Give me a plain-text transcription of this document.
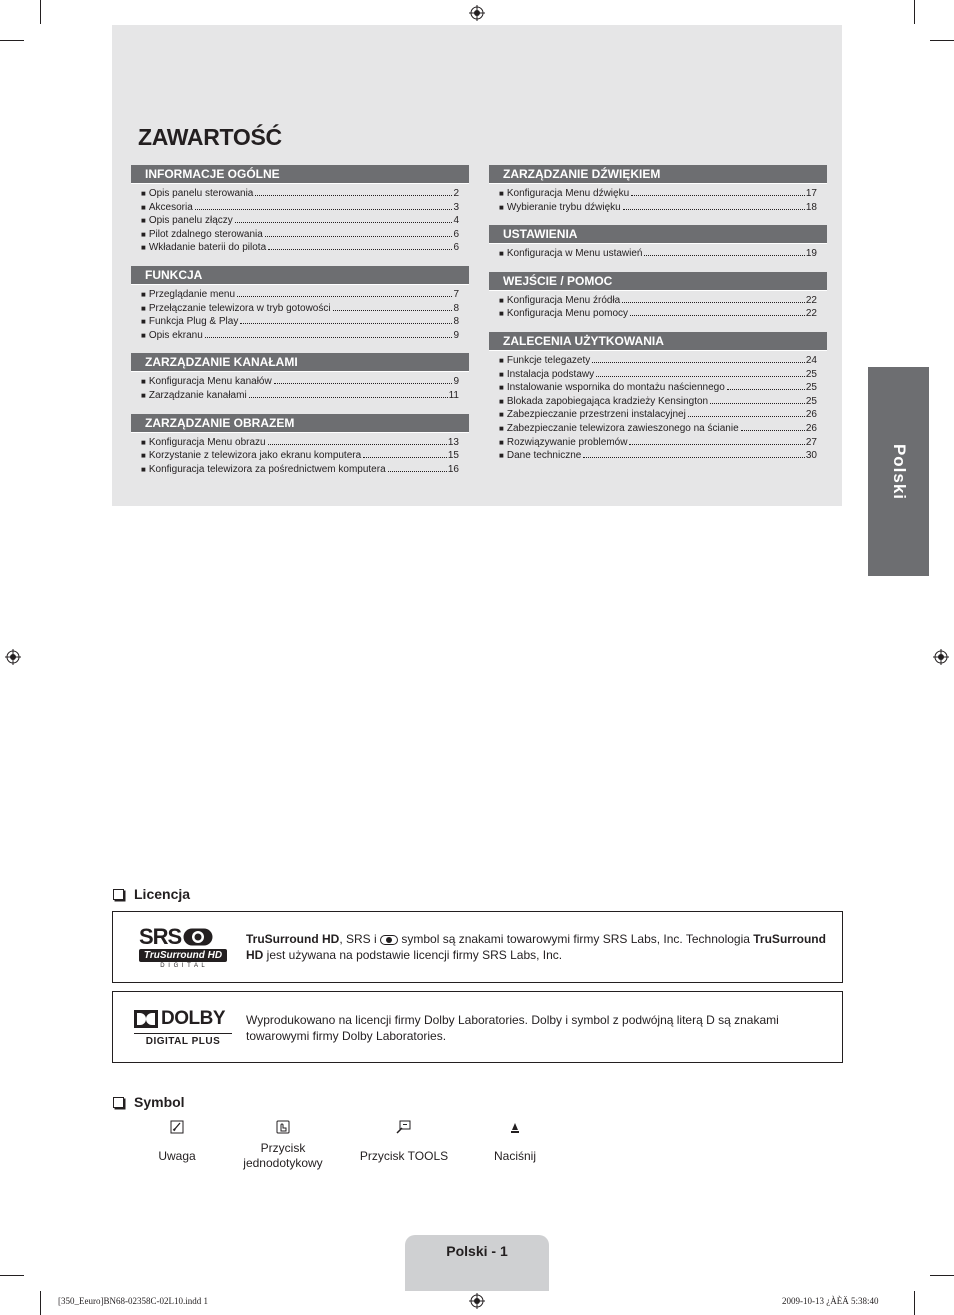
ZAWARTOŚĆ
INFORMACJE OGÓLNE
■ Opis panelu sterowania	2
■ Akcesoria	3
■ Opis panelu złączy	4
■ Pilot zdalnego sterowania	6
■ Wkładanie baterii do pilota	6
FUNKCJA
■ Przeglądanie menu	7
■ Przełączanie telewizora w tryb gotowości	8
■ Funkcja Plug & Play	8
■ Opis ekranu	9
ZARZĄDZANIE KANAŁAMI
■ Konfiguracja Menu kanałów	9
■ Zarządzanie kanałami	11
ZARZĄDZANIE OBRAZEM
■ Konfiguracja Menu obrazu	13
■ Korzystanie z telewizora jako ekranu komputera	15
■ Konfiguracja telewizora za pośrednictwem komputera	16
ZARZĄDZANIE DŹWIĘKIEM
■ Konfiguracja Menu dźwięku	17
■ Wybieranie trybu dźwięku	18
USTAWIENIA
■ Konfiguracja w Menu ustawień	19
WEJŚCIE / POMOC
■ Konfiguracja Menu źródła	22
■ Konfiguracja Menu pomocy	22
ZALECENIA UŻYTKOWANIA
■ Funkcje telegazety	24
■ Instalacja podstawy	25
■ Instalowanie wspornika do montażu naściennego	25
■ Blokada zapobiegająca kradzieży Kensington	25
■ Zabezpieczanie przestrzeni instalacyjnej	26
■ Zabezpieczanie telewizora zawieszonego na ścianie	26
■ Rozwiązywanie problemów	27
■ Dane techniczne	30	Polski
Licencja
SRS
TruSurround HD
D I G I T A L
TruSurround HD, SRS i  symbol są znakami towarowymi firmy SRS Labs, Inc. Technologia TruSurround HD jest używana na podstawie licencji firmy SRS Labs, Inc.
DOLBY
DIGITAL PLUS
Wyprodukowano na licencji firmy Dolby Laboratories. Dolby i symbol z podwójną literą D są znakami towarowymi firmy Dolby Laboratories.
Symbol
Uwaga
Przycisk jednodotykowy	Przycisk TOOLS	Naciśnij
Polski - 1
[350_Eeuro]BN68-02358C-02L10.indd 1	2009-10-13 ¿ÀÈÄ 5:38:40
